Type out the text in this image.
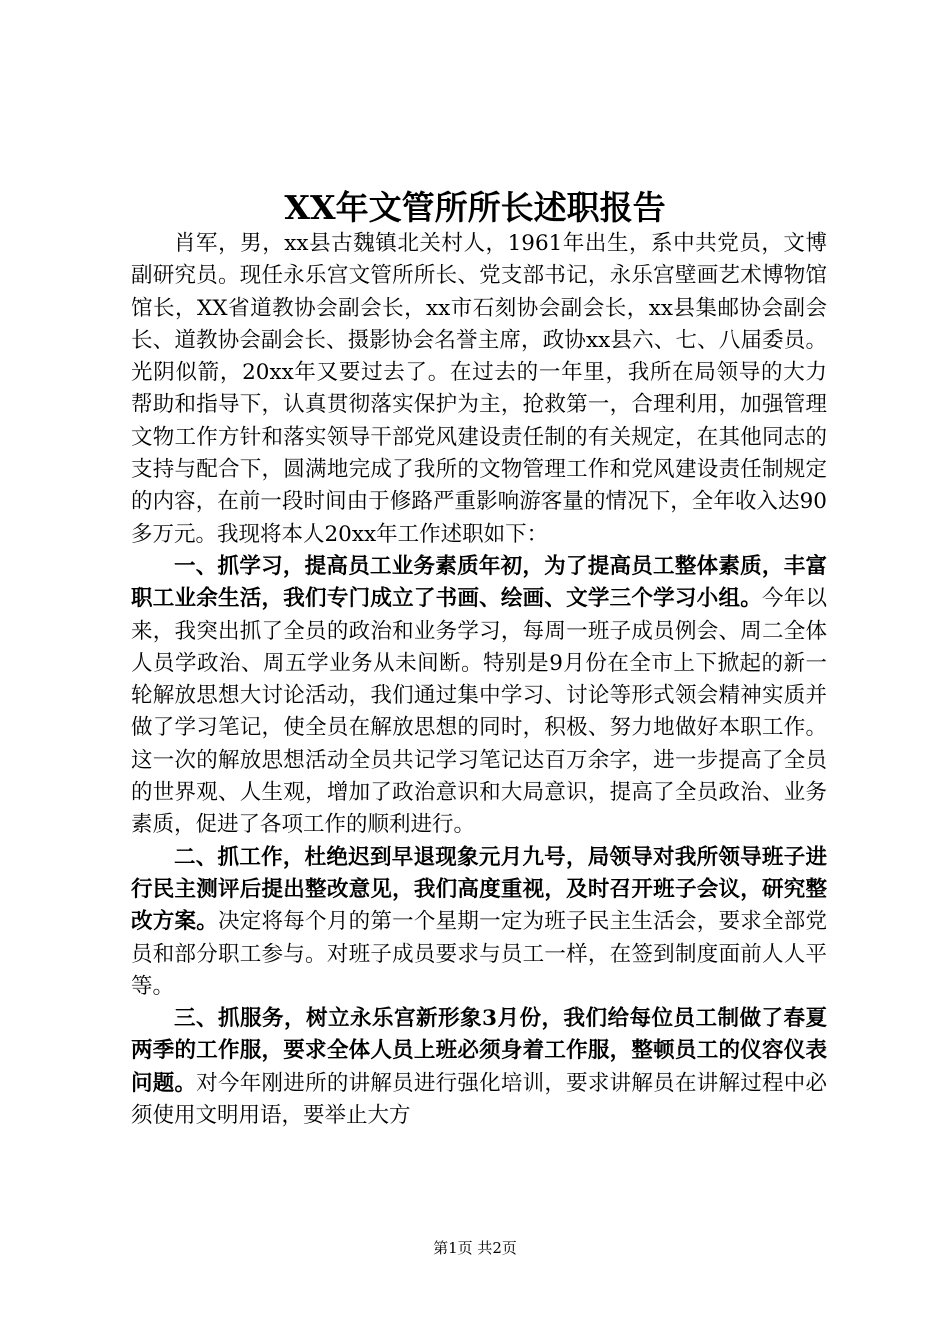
XX年文管所所长述职报告

肖军，男，xx县古魏镇北关村人，1961年出生，系中共党员，文博副研究员。现任永乐宫文管所所长、党支部书记，永乐宫壁画艺术博物馆馆长，XX省道教协会副会长，xx市石刻协会副会长，xx县集邮协会副会长、道教协会副会长、摄影协会名誉主席，政协xx县六、七、八届委员。光阴似箭，20xx年又要过去了。在过去的一年里，我所在局领导的大力帮助和指导下，认真贯彻落实保护为主，抢救第一，合理利用，加强管理文物工作方针和落实领导干部党风建设责任制的有关规定，在其他同志的支持与配合下，圆满地完成了我所的文物管理工作和党风建设责任制规定的内容，在前一段时间由于修路严重影响游客量的情况下，全年收入达90多万元。我现将本人20xx年工作述职如下：

一、抓学习，提高员工业务素质年初，为了提高员工整体素质，丰富职工业余生活，我们专门成立了书画、绘画、文学三个学习小组。今年以来，我突出抓了全员的政治和业务学习，每周一班子成员例会、周二全体人员学政治、周五学业务从未间断。特别是9月份在全市上下掀起的新一轮解放思想大讨论活动，我们通过集中学习、讨论等形式领会精神实质并做了学习笔记，使全员在解放思想的同时，积极、努力地做好本职工作。这一次的解放思想活动全员共记学习笔记达百万余字，进一步提高了全员的世界观、人生观，增加了政治意识和大局意识，提高了全员政治、业务素质，促进了各项工作的顺利进行。

二、抓工作，杜绝迟到早退现象元月九号，局领导对我所领导班子进行民主测评后提出整改意见，我们高度重视，及时召开班子会议，研究整改方案。决定将每个月的第一个星期一定为班子民主生活会，要求全部党员和部分职工参与。对班子成员要求与员工一样，在签到制度面前人人平等。

三、抓服务，树立永乐宫新形象3月份，我们给每位员工制做了春夏两季的工作服，要求全体人员上班必须身着工作服，整顿员工的仪容仪表问题。对今年刚进所的讲解员进行强化培训，要求讲解员在讲解过程中必须使用文明用语，要举止大方

第1页 共2页
